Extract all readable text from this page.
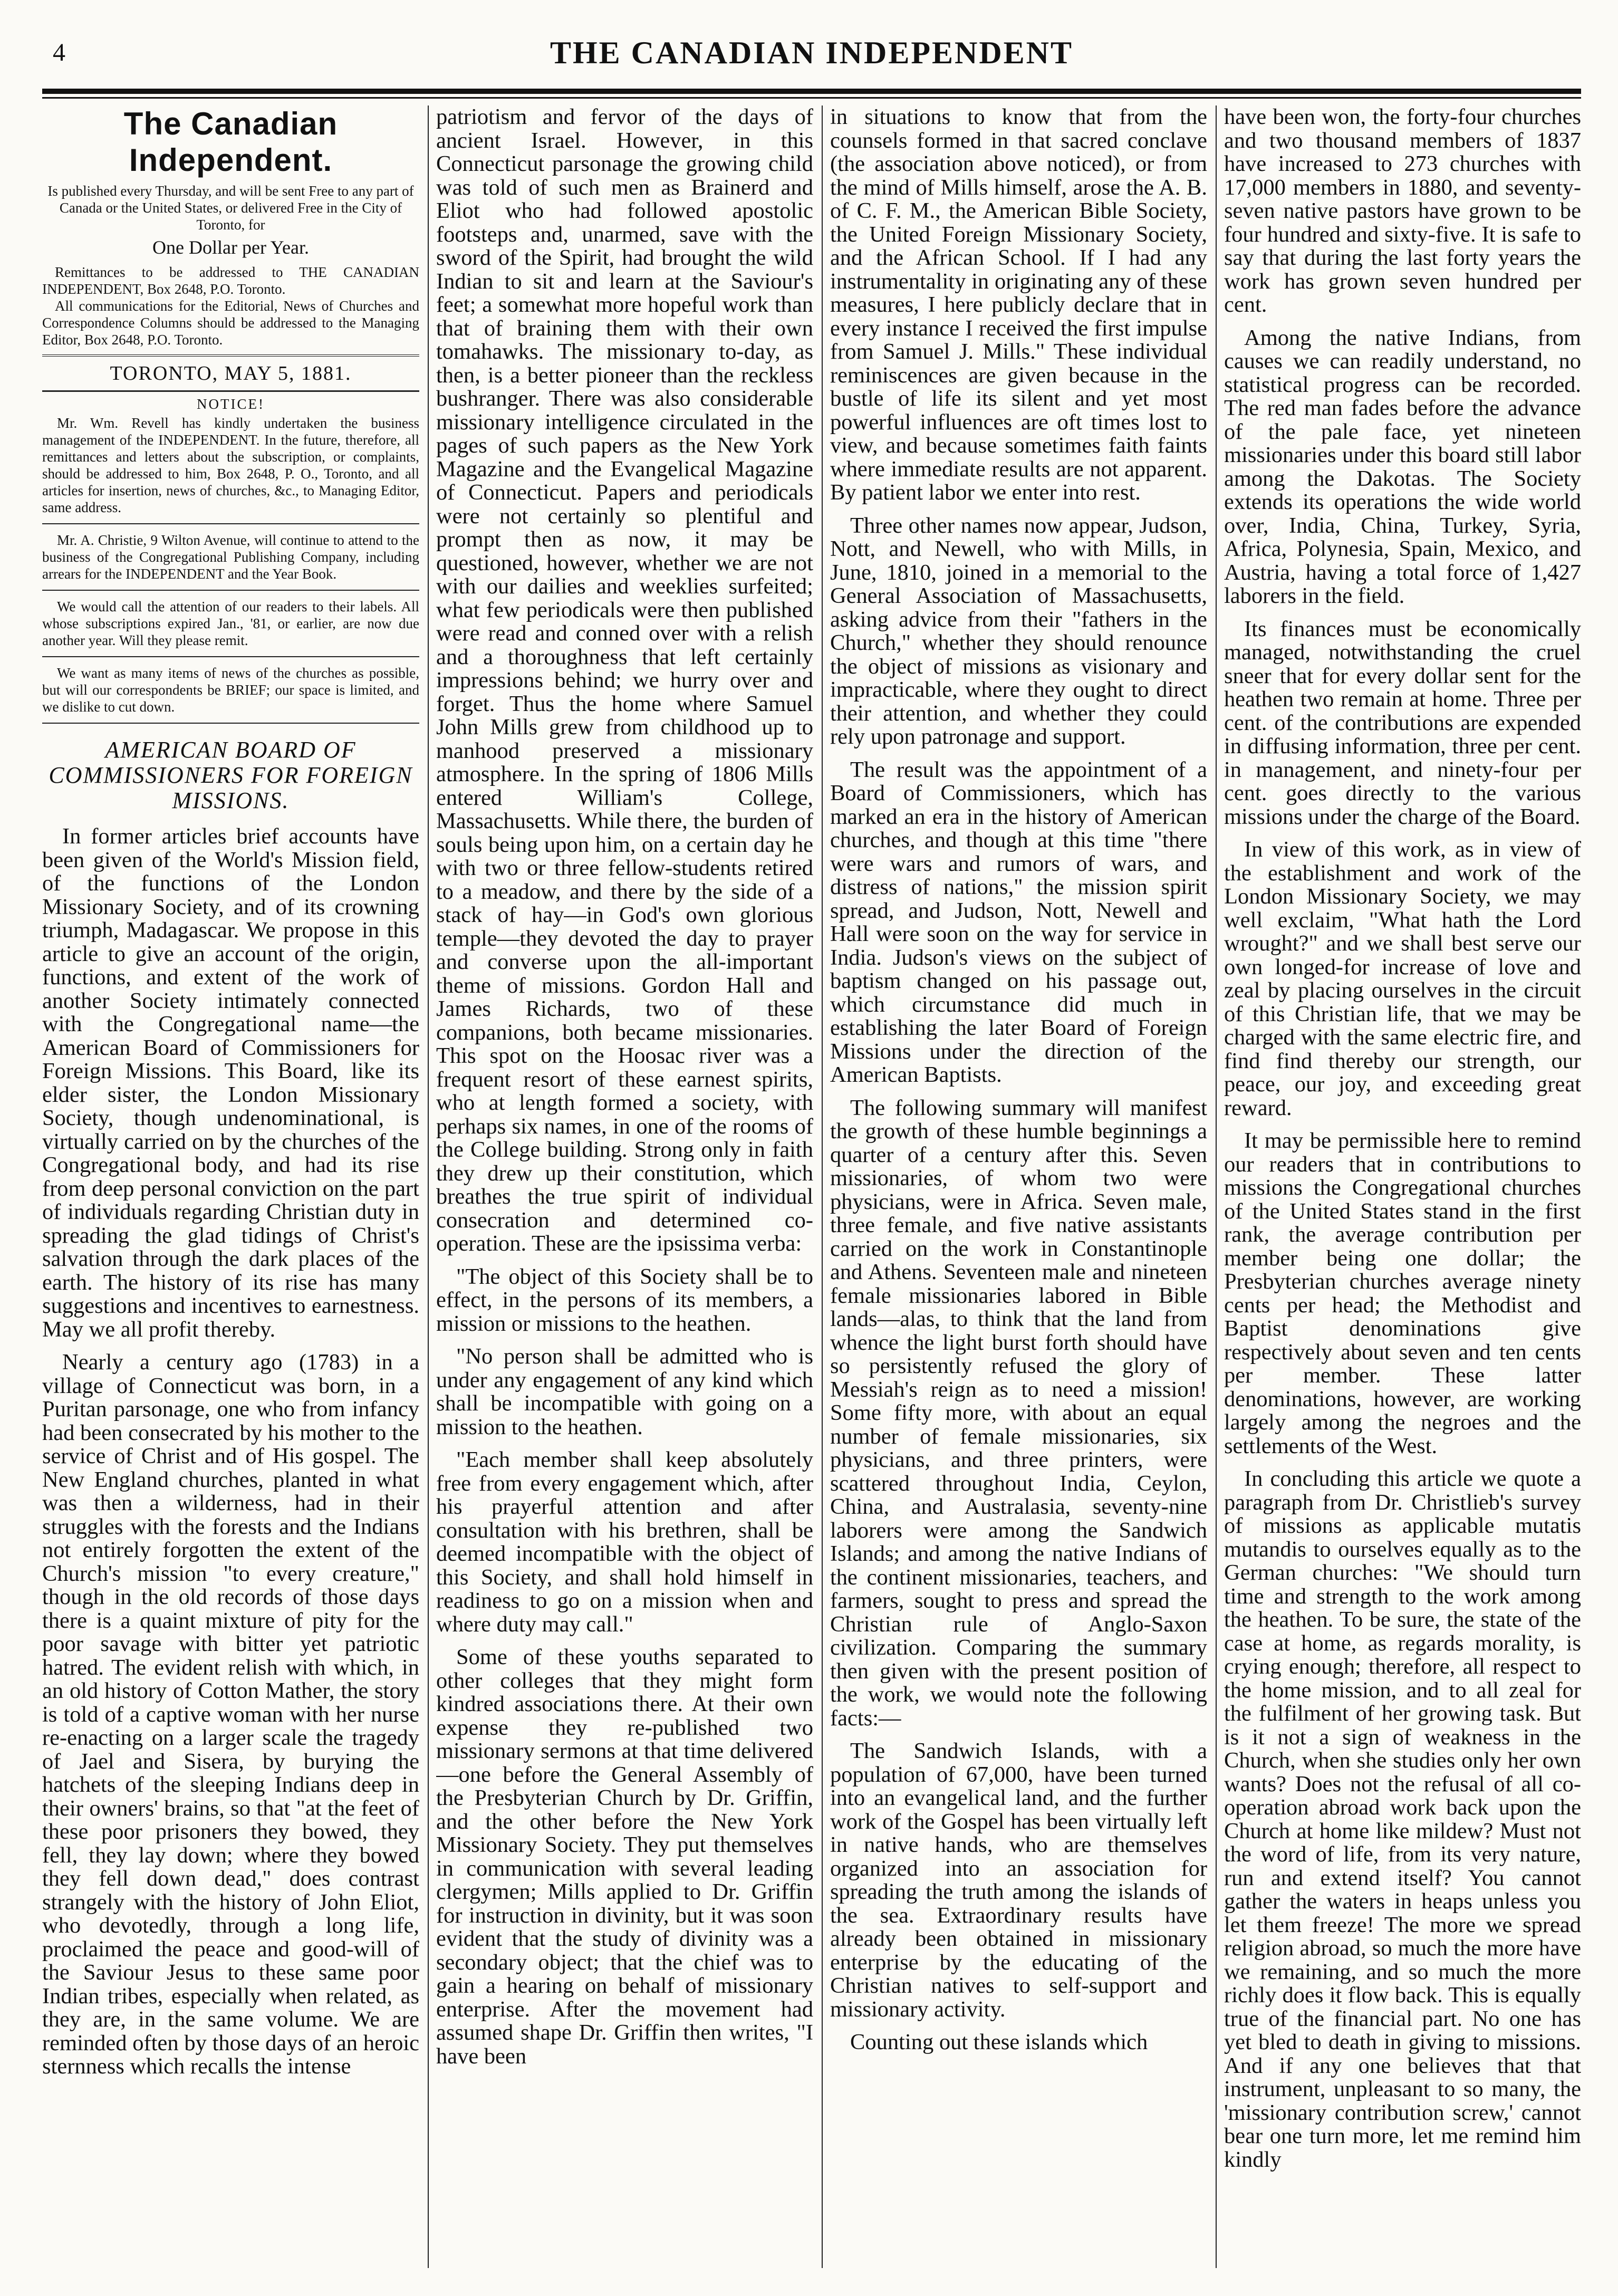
4	THE CANADIAN INDEPENDENT
The Canadian Independent.
Is published every Thursday, and will be sent Free to any part of Canada or the United States, or delivered Free in the City of Toronto, for
One Dollar per Year.
Remittances to be addressed to THE CANADIAN INDEPENDENT, Box 2648, P.O. Toronto.
All communications for the Editorial, News of Churches and Correspondence Columns should be addressed to the Managing Editor, Box 2648, P.O. Toronto.
TORONTO, MAY 5, 1881.
NOTICE!
Mr. Wm. Revell has kindly undertaken the business management of the INDEPENDENT. In the future, therefore, all remittances and letters about the subscription, or complaints, should be addressed to him, Box 2648, P. O., Toronto, and all articles for insertion, news of churches, &c., to Managing Editor, same address.
Mr. A. Christie, 9 Wilton Avenue, will continue to attend to the business of the Congregational Publishing Company, including arrears for the INDEPENDENT and the Year Book.
We would call the attention of our readers to their labels. All whose subscriptions expired Jan., '81, or earlier, are now due another year. Will they please remit.
We want as many items of news of the churches as possible, but will our correspondents be BRIEF; our space is limited, and we dislike to cut down.
AMERICAN BOARD OF COMMISSIONERS FOR FOREIGN MISSIONS.

In former articles brief accounts have been given of the World's Mission field, of the functions of the London Missionary Society, and of its crowning triumph, Madagascar. We propose in this article to give an account of the origin, functions, and extent of the work of another Society intimately connected with the Congregational name—the American Board of Commissioners for Foreign Missions. This Board, like its elder sister, the London Missionary Society, though undenominational, is virtually carried on by the churches of the Congregational body, and had its rise from deep personal conviction on the part of individuals regarding Christian duty in spreading the glad tidings of Christ's salvation through the dark places of the earth. The history of its rise has many suggestions and incentives to earnestness. May we all profit thereby.

Nearly a century ago (1783) in a village of Connecticut was born, in a Puritan parsonage, one who from infancy had been consecrated by his mother to the service of Christ and of His gospel. The New England churches, planted in what was then a wilderness, had in their struggles with the forests and the Indians not entirely forgotten the extent of the Church's mission "to every creature," though in the old records of those days there is a quaint mixture of pity for the poor savage with bitter yet patriotic hatred. The evident relish with which, in an old history of Cotton Mather, the story is told of a captive woman with her nurse re-enacting on a larger scale the tragedy of Jael and Sisera, by burying the hatchets of the sleeping Indians deep in their owners' brains, so that "at the feet of these poor prisoners they bowed, they fell, they lay down; where they bowed they fell down dead," does contrast strangely with the history of John Eliot, who devotedly, through a long life, proclaimed the peace and good-will of the Saviour Jesus to these same poor Indian tribes, especially when related, as they are, in the same volume. We are reminded often by those days of an heroic sternness which recalls the intense

patriotism and fervor of the days of ancient Israel. However, in this Connecticut parsonage the growing child was told of such men as Brainerd and Eliot who had followed apostolic footsteps and, unarmed, save with the sword of the Spirit, had brought the wild Indian to sit and learn at the Saviour's feet; a somewhat more hopeful work than that of braining them with their own tomahawks. The missionary to-day, as then, is a better pioneer than the reckless bushranger. There was also considerable missionary intelligence circulated in the pages of such papers as the New York Magazine and the Evangelical Magazine of Connecticut. Papers and periodicals were not certainly so plentiful and prompt then as now, it may be questioned, however, whether we are not with our dailies and weeklies surfeited; what few periodicals were then published were read and conned over with a relish and a thoroughness that left certainly impressions behind; we hurry over and forget. Thus the home where Samuel John Mills grew from childhood up to manhood preserved a missionary atmosphere. In the spring of 1806 Mills entered William's College, Massachusetts. While there, the burden of souls being upon him, on a certain day he with two or three fellow-students retired to a meadow, and there by the side of a stack of hay—in God's own glorious temple—they devoted the day to prayer and converse upon the all-important theme of missions. Gordon Hall and James Richards, two of these companions, both became missionaries. This spot on the Hoosac river was a frequent resort of these earnest spirits, who at length formed a society, with perhaps six names, in one of the rooms of the College building. Strong only in faith they drew up their constitution, which breathes the true spirit of individual consecration and determined co-operation. These are the ipsissima verba:

"The object of this Society shall be to effect, in the persons of its members, a mission or missions to the heathen.

"No person shall be admitted who is under any engagement of any kind which shall be incompatible with going on a mission to the heathen.

"Each member shall keep absolutely free from every engagement which, after his prayerful attention and after consultation with his brethren, shall be deemed incompatible with the object of this Society, and shall hold himself in readiness to go on a mission when and where duty may call."

Some of these youths separated to other colleges that they might form kindred associations there. At their own expense they re-published two missionary sermons at that time delivered—one before the General Assembly of the Presbyterian Church by Dr. Griffin, and the other before the New York Missionary Society. They put themselves in communication with several leading clergymen; Mills applied to Dr. Griffin for instruction in divinity, but it was soon evident that the study of divinity was a secondary object; that the chief was to gain a hearing on behalf of missionary enterprise. After the movement had assumed shape Dr. Griffin then writes, "I have been

in situations to know that from the counsels formed in that sacred conclave (the association above noticed), or from the mind of Mills himself, arose the A. B. of C. F. M., the American Bible Society, the United Foreign Missionary Society, and the African School. If I had any instrumentality in originating any of these measures, I here publicly declare that in every instance I received the first impulse from Samuel J. Mills." These individual reminiscences are given because in the bustle of life its silent and yet most powerful influences are oft times lost to view, and because sometimes faith faints where immediate results are not apparent. By patient labor we enter into rest.

Three other names now appear, Judson, Nott, and Newell, who with Mills, in June, 1810, joined in a memorial to the General Association of Massachusetts, asking advice from their "fathers in the Church," whether they should renounce the object of missions as visionary and impracticable, where they ought to direct their attention, and whether they could rely upon patronage and support.

The result was the appointment of a Board of Commissioners, which has marked an era in the history of American churches, and though at this time "there were wars and rumors of wars, and distress of nations," the mission spirit spread, and Judson, Nott, Newell and Hall were soon on the way for service in India. Judson's views on the subject of baptism changed on his passage out, which circumstance did much in establishing the later Board of Foreign Missions under the direction of the American Baptists.

The following summary will manifest the growth of these humble beginnings a quarter of a century after this. Seven missionaries, of whom two were physicians, were in Africa. Seven male, three female, and five native assistants carried on the work in Constantinople and Athens. Seventeen male and nineteen female missionaries labored in Bible lands—alas, to think that the land from whence the light burst forth should have so persistently refused the glory of Messiah's reign as to need a mission! Some fifty more, with about an equal number of female missionaries, six physicians, and three printers, were scattered throughout India, Ceylon, China, and Australasia, seventy-nine laborers were among the Sandwich Islands; and among the native Indians of the continent missionaries, teachers, and farmers, sought to press and spread the Christian rule of Anglo-Saxon civilization. Comparing the summary then given with the present position of the work, we would note the following facts:—

The Sandwich Islands, with a population of 67,000, have been turned into an evangelical land, and the further work of the Gospel has been virtually left in native hands, who are themselves organized into an association for spreading the truth among the islands of the sea. Extraordinary results have already been obtained in missionary enterprise by the educating of the Christian natives to self-support and missionary activity.

Counting out these islands which

have been won, the forty-four churches and two thousand members of 1837 have increased to 273 churches with 17,000 members in 1880, and seventy-seven native pastors have grown to be four hundred and sixty-five. It is safe to say that during the last forty years the work has grown seven hundred per cent.

Among the native Indians, from causes we can readily understand, no statistical progress can be recorded. The red man fades before the advance of the pale face, yet nineteen missionaries under this board still labor among the Dakotas. The Society extends its operations the wide world over, India, China, Turkey, Syria, Africa, Polynesia, Spain, Mexico, and Austria, having a total force of 1,427 laborers in the field.

Its finances must be economically managed, notwithstanding the cruel sneer that for every dollar sent for the heathen two remain at home. Three per cent. of the contributions are expended in diffusing information, three per cent. in management, and ninety-four per cent. goes directly to the various missions under the charge of the Board.

In view of this work, as in view of the establishment and work of the London Missionary Society, we may well exclaim, "What hath the Lord wrought?" and we shall best serve our own longed-for increase of love and zeal by placing ourselves in the circuit of this Christian life, that we may be charged with the same electric fire, and find find thereby our strength, our peace, our joy, and exceeding great reward.

It may be permissible here to remind our readers that in contributions to missions the Congregational churches of the United States stand in the first rank, the average contribution per member being one dollar; the Presbyterian churches average ninety cents per head; the Methodist and Baptist denominations give respectively about seven and ten cents per member. These latter denominations, however, are working largely among the negroes and the settlements of the West.

In concluding this article we quote a paragraph from Dr. Christlieb's survey of missions as applicable mutatis mutandis to ourselves equally as to the German churches: "We should turn time and strength to the work among the heathen. To be sure, the state of the case at home, as regards morality, is crying enough; therefore, all respect to the home mission, and to all zeal for the fulfilment of her growing task. But is it not a sign of weakness in the Church, when she studies only her own wants? Does not the refusal of all co-operation abroad work back upon the Church at home like mildew? Must not the word of life, from its very nature, run and extend itself? You cannot gather the waters in heaps unless you let them freeze! The more we spread religion abroad, so much the more have we remaining, and so much the more richly does it flow back. This is equally true of the financial part. No one has yet bled to death in giving to missions. And if any one believes that that instrument, unpleasant to so many, the 'missionary contribution screw,' cannot bear one turn more, let me remind him kindly
